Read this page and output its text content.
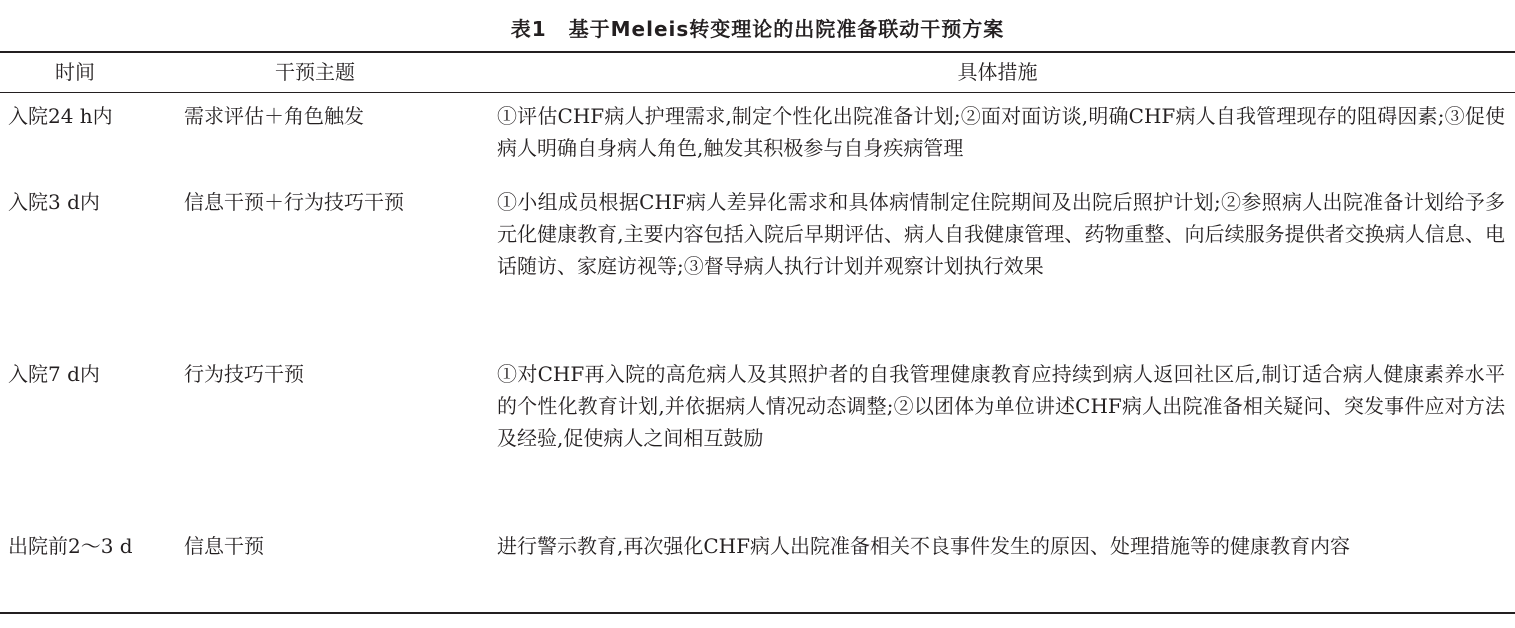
表1 基于Meleis转变理论的出院准备联动干预方案
时间	干预主题	具体措施
入院24 h内	需求评估＋角色触发	①评估CHF病人护理需求,制定个性化出院准备计划;②面对面访谈,明确CHF病人自我管理现存的阻碍因素;③促使病人明确自身病人角色,触发其积极参与自身疾病管理
入院3 d内	信息干预＋行为技巧干预	①小组成员根据CHF病人差异化需求和具体病情制定住院期间及出院后照护计划;②参照病人出院准备计划给予多元化健康教育,主要内容包括入院后早期评估、病人自我健康管理、药物重整、向后续服务提供者交换病人信息、电话随访、家庭访视等;③督导病人执行计划并观察计划执行效果
入院7 d内	行为技巧干预	①对CHF再入院的高危病人及其照护者的自我管理健康教育应持续到病人返回社区后,制订适合病人健康素养水平的个性化教育计划,并依据病人情况动态调整;②以团体为单位讲述CHF病人出院准备相关疑问、突发事件应对方法及经验,促使病人之间相互鼓励
出院前2～3 d	信息干预	进行警示教育,再次强化CHF病人出院准备相关不良事件发生的原因、处理措施等的健康教育内容
